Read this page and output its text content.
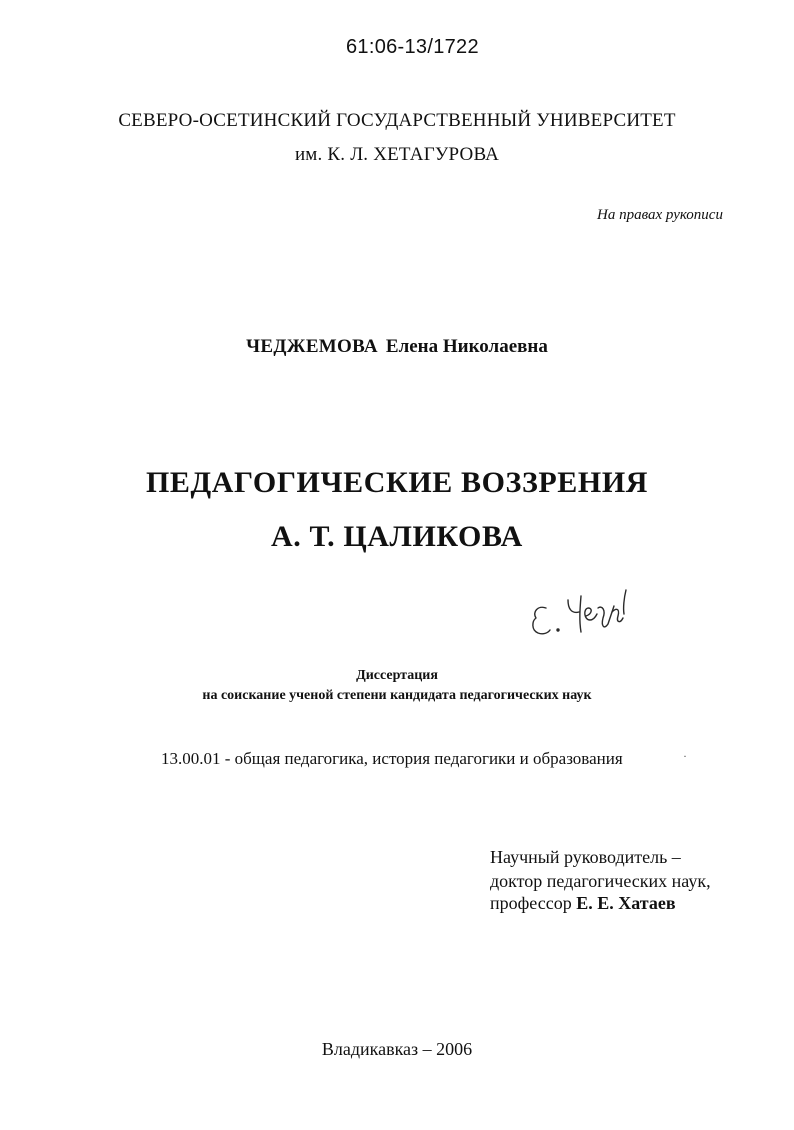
61:06-13/1722
СЕВЕРО-ОСЕТИНСКИЙ ГОСУДАРСТВЕННЫЙ УНИВЕРСИТЕТ
им. К. Л. ХЕТАГУРОВА
На правах рукописи
ЧЕДЖЕМОВА Елена Николаевна
ПЕДАГОГИЧЕСКИЕ ВОЗЗРЕНИЯ
А. Т. ЦАЛИКОВА
Диссертация
на соискание ученой степени кандидата педагогических наук
13.00.01 - общая педагогика, история педагогики и образования	·
Научный руководитель –
доктор педагогических наук,
профессор Е. Е. Хатаев
Владикавказ – 2006
